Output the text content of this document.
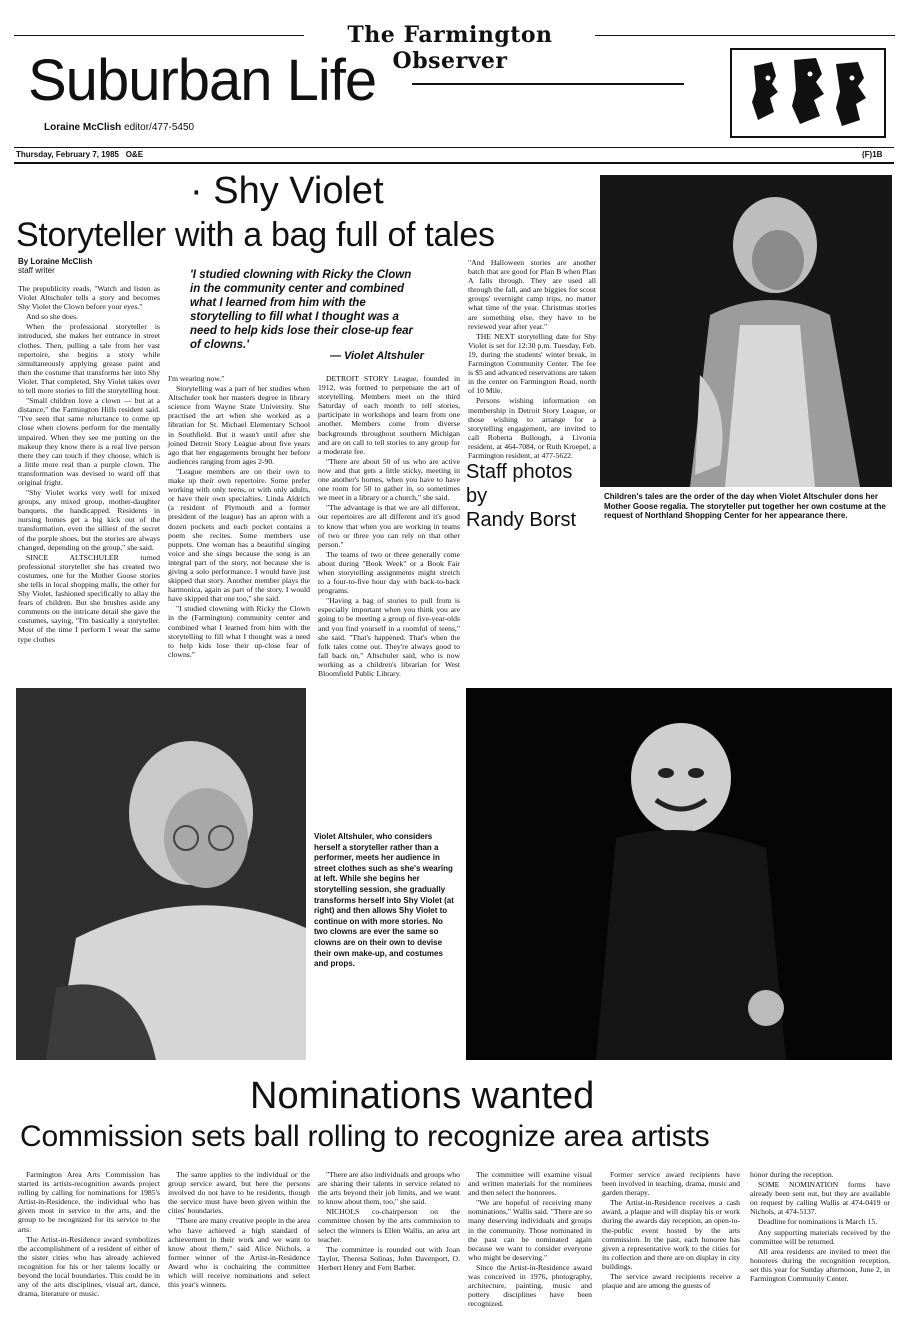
The Farmington Observer
Suburban Life
Loraine McClish editor/477-5450
Thursday, February 7, 1985 O&E	(F)1B
· Shy Violet
Storyteller with a bag full of tales
By Loraine McClish
staff writer

The prepublicity reads, "Watch and listen as Violet Altschuler tells a story and becomes Shy Violet the Clown before your eyes."

And so she does.

When the professional storyteller is introduced, she makes her entrance in street clothes. Then, pulling a tale from her vast repertoire, she begins a story while simultaneously applying grease paint and then the costume that transforms her into Shy Violet. That completed, Shy Violet takes over to tell more stories to fill the storytelling hour.

"Small children love a clown — but at a distance," the Farmington Hills resident said. "I've seen that same reluctance to come up close when clowns perform for the mentally impaired. When they see me putting on the makeup they know there is a real live person there they can touch if they choose, which is a little more real than a purple clown. The transformation was devised to ward off that original fright.

"Shy Violet works very well for mixed groups, any mixed group, mother-daughter banquets, the handicapped. Residents in nursing homes get a big kick out of the transformation, even the silliest of the secret of the purple shoes, but the stories are always changed, depending on the group," she said.

SINCE ALTSCHULER turned professional storyteller she has created two costumes, one for the Mother Goose stories she tells in local shopping malls, the other for Shy Violet, fashioned specifically to allay the fears of children. But she brushes aside any comments on the intricate detail she gave the costumes, saying, "I'm basically a storyteller. Most of the time I perform I wear the same type clothes

'I studied clowning with Ricky the Clown in the community center and combined what I learned from him with the storytelling to fill what I thought was a need to help kids lose their close-up fear of clowns.'
— Violet Altshuler

I'm wearing now."

Storytelling was a part of her studies when Altschuler took her masters degree in library science from Wayne State University. She practised the art when she worked as a librarian for St. Michael Elementary School in Southfield. But it wasn't until after she joined Detroit Story League about five years ago that her engagements brought her before audiences ranging from ages 2-90.

"League members are on their own to make up their own repertoire. Some prefer working with only teens, or with only adults, or have their own specialties. Linda Aldrich (a resident of Plymouth and a former president of the league) has an apron with a dozen pockets and each pocket contains a poem she recites. Some members use puppets. One woman has a beautiful singing voice and she sings because the song is an integral part of the story, not because she is giving a solo performance. I would have just skipped that story. Another member plays the harmonica, again as part of the story. I would have skipped that one too," she said.

"I studied clowning with Ricky the Clown in the (Farmington) community center and combined what I learned from him with the storytelling to fill what I thought was a need to help kids lose their up-close fear of clowns."

DETROIT STORY League, founded in 1912, was formed to perpetuate the art of storytelling. Members meet on the third Saturday of each month to tell stories, participate in workshops and learn from one another. Members come from diverse backgrounds throughout southern Michigan and are on call to tell stories to any group for a moderate fee.

"There are about 50 of us who are active now and that gets a little sticky, meeting in one another's homes, when you have to have one room for 50 to gather in, so sometimes we meet in a library or a church," she said.

"The advantage is that we are all different, our repertoires are all different and it's good to know that when you are working in teams of two or three you can rely on that other person."

The teams of two or three generally come about during "Book Week" or a Book Fair when storytelling assignments might stretch to a four-to-five hour day with back-to-back programs.

"Having a bag of stories to pull from is especially important when you think you are going to be meeting a group of five-year-olds and you find yourself in a roomful of teens," she said. "That's happened. That's when the folk tales come out. They're always good to fall back on," Altschuler said, who is now working as a children's librarian for West Bloomfield Public Library.

"And Halloween stories are another batch that are good for Plan B when Plan A falls through. They are used all through the fall, and are biggies for scout groups' overnight camp trips, no matter what time of the year. Christmas stories are something else, they have to be reviewed year after year."

THE NEXT storytelling date for Shy Violet is set for 12:30 p.m. Tuesday, Feb. 19, during the students' winter break, in Farmington Community Center. The fee is $5 and advanced reservations are taken in the center on Farmington Road, north of 10 Mile.

Persons wishing information on membership in Detroit Story League, or those wishing to arrange for a storytelling engagement, are invited to call Roberta Bullough, a Livonia resident, at 464-7084, or Ruth Kroepel, a Farmington resident, at 477-5622.

Staff photos
by
Randy Borst
Children's tales are the order of the day when Violet Altschuler dons her Mother Goose regalia. The storyteller put together her own costume at the request of Northland Shopping Center for her appearance there.
Violet Altshuler, who considers herself a storyteller rather than a performer, meets her audience in street clothes such as she's wearing at left. While she begins her storytelling session, she gradually transforms herself into Shy Violet (at right) and then allows Shy Violet to continue on with more stories. No two clowns are ever the same so clowns are on their own to devise their own make-up, and costumes and props.
Nominations wanted
Commission sets ball rolling to recognize area artists

Farmington Area Arts Commission has started its artists-recognition awards project rolling by calling for nominations for 1985's Artist-in-Residence, the individual who has given most in service to the arts, and the group to be recognized for its service to the arts.

The Artist-in-Residence award symbolizes the accomplishment of a resident of either of the sister cities who has already achieved recognition for his or her talents locally or beyond the local boundaries. This could be in any of the arts disciplines, visual art, dance, drama, literature or music.

The same applies to the individual or the group service award, but here the persons involved do not have to be residents, though the service must have been given within the cities' boundaries.

"There are many creative people in the area who have achieved a high standard of achievement in their work and we want to know about them," said Alice Nichols, a former winner of the Artist-in-Residence Award who is cochairing the committee which will receive nominations and select this year's winners.

"There are also individuals and groups who are sharing their talents in service related to the arts beyond their job limits, and we want to know about them, too," she said.

NICHOLS co-chairperson on the committee chosen by the arts commission to select the winners is Ellen Wallis, an area art teacher.

The committee is rounded out with Joan Taylor, Theresa Solinas, John Davenport, O. Herbert Henry and Fern Barber.

The committee will examine visual and written materials for the nominees and then select the honorees.

"We are hopeful of receiving many nominations," Wallis said. "There are so many deserving individuals and groups in the community. Those nominated in the past can be nominated again because we want to consider everyone who might be deserving."

Since the Artist-in-Residence award was conceived in 1976, photography, architecture, painting, music and pottery disciplines have been recognized.

Former service award recipients have been involved in teaching, drama, music and garden therapy.

The Artist-in-Residence receives a cash award, a plaque and will display his or work during the awards day reception, an open-to-the-public event hosted by the arts commission. In the past, each honoree has given a representative work to the cities for its collection and there are on display in city buildings.

The service award recipients receive a plaque and are among the guests of

honor during the reception.

SOME NOMINATION forms have already been sent out, but they are available on request by calling Wallis at 474-0419 or Nichols, at 474-5137.

Deadline for nominations is March 15.

Any supporting materials received by the committee will be returned.

All area residents are invited to meet the honorees during the recognition reception, set this year for Sunday afternoon, June 2, in Farmington Community Center.
